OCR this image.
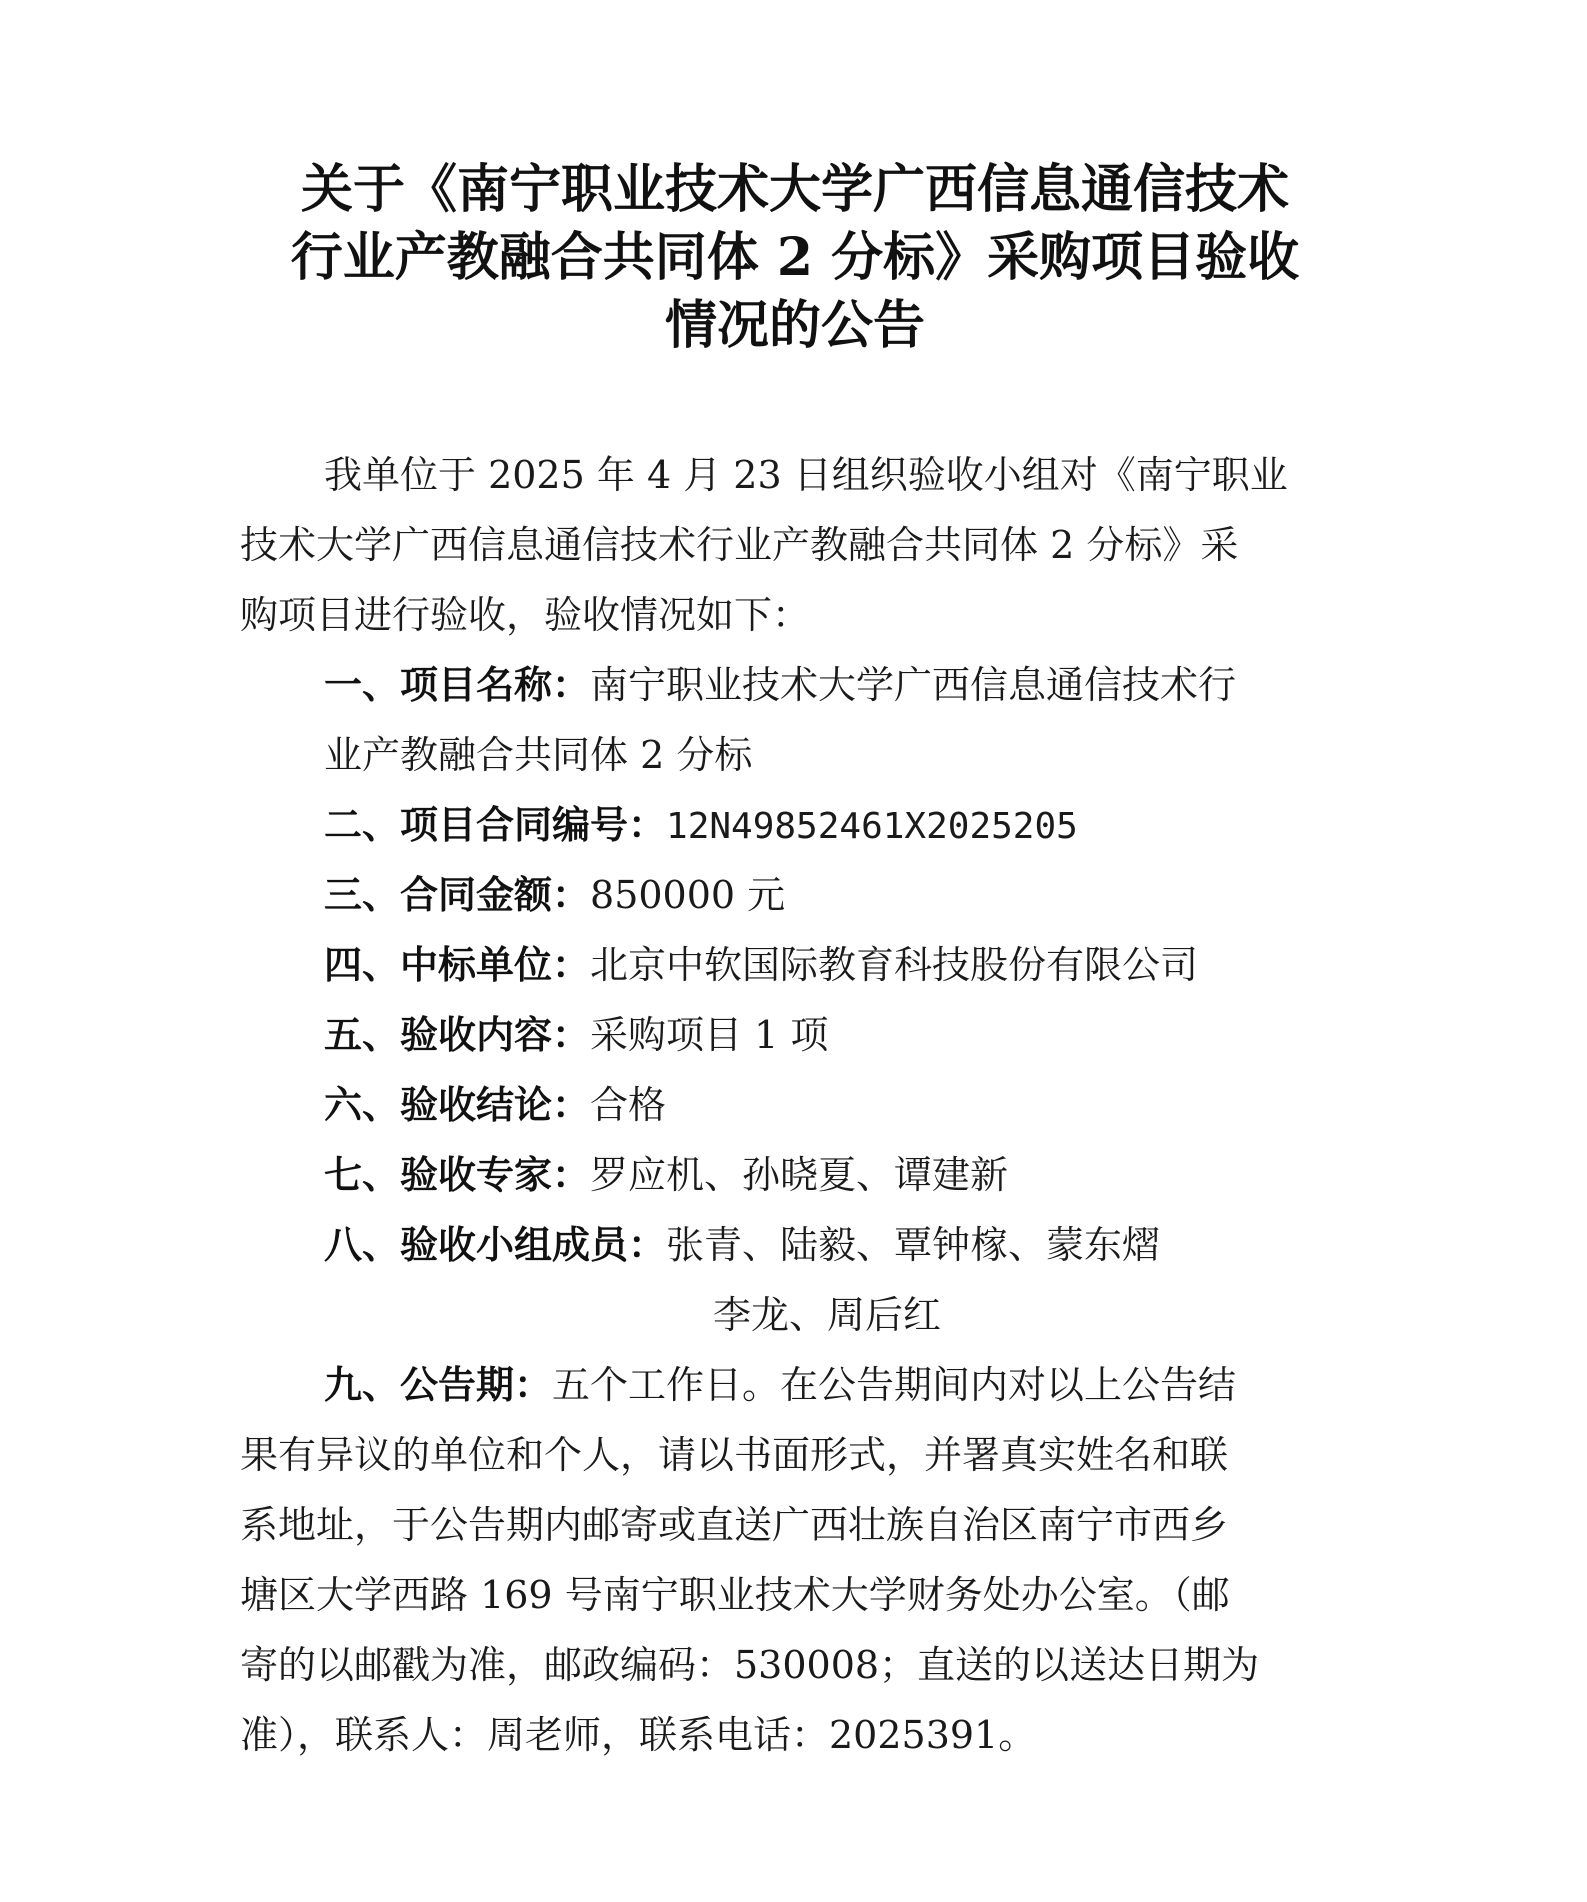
关于《南宁职业技术大学广西信息通信技术
行业产教融合共同体 2 分标》采购项目验收
情况的公告
我单位于 2025 年 4 月 23 日组织验收小组对《南宁职业
技术大学广西信息通信技术行业产教融合共同体 2 分标》采
购项目进行验收，验收情况如下：
一、项目名称：南宁职业技术大学广西信息通信技术行
业产教融合共同体 2 分标
二、项目合同编号：12N49852461X2025205
三、合同金额：850000 元
四、中标单位：北京中软国际教育科技股份有限公司
五、验收内容：采购项目 1 项
六、验收结论：合格
七、验收专家：罗应机、孙晓夏、谭建新
八、验收小组成员：张青、陆毅、覃钟榢、蒙东熠
李龙、周后红
九、公告期：五个工作日。在公告期间内对以上公告结
果有异议的单位和个人，请以书面形式，并署真实姓名和联
系地址，于公告期内邮寄或直送广西壮族自治区南宁市西乡
塘区大学西路 169 号南宁职业技术大学财务处办公室。（邮
寄的以邮戳为准，邮政编码：530008；直送的以送达日期为
准），联系人：周老师，联系电话：2025391。
